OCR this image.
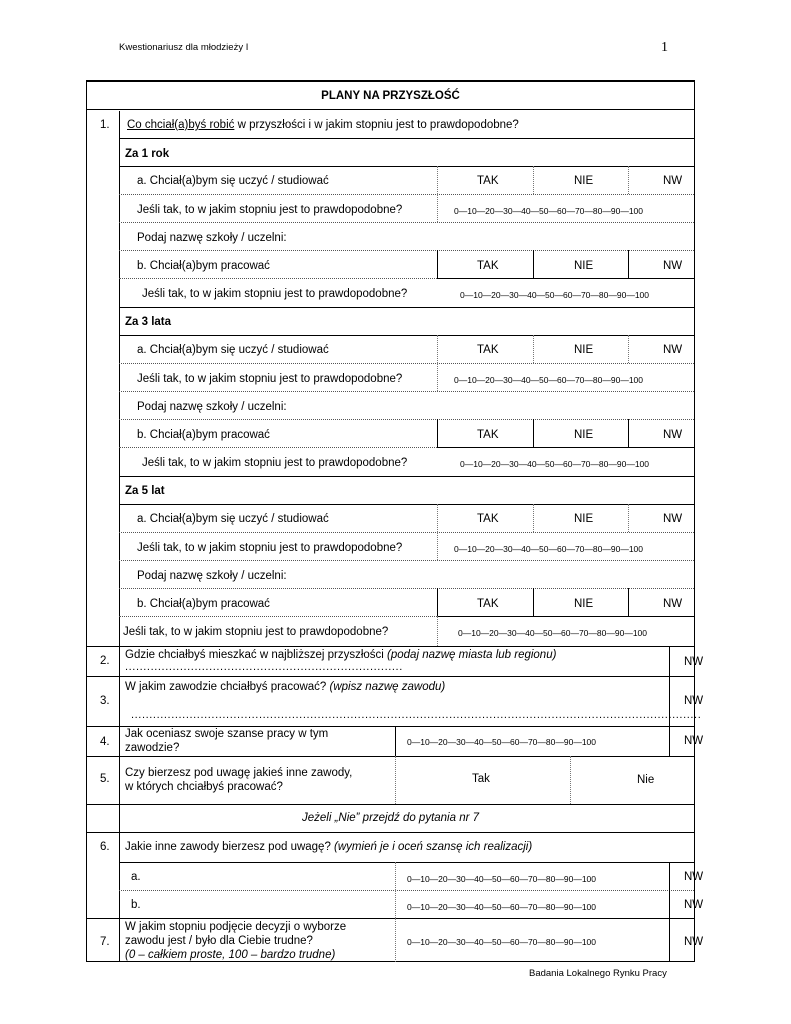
Kwestionariusz dla młodzieży I	1
PLANY NA PRZYSZŁOŚĆ
1. Co chciał(a)byś robić w przyszłości i w jakim stopniu jest to prawdopodobne?
Za 1 rok
a. Chciał(a)bym się uczyć / studiować	TAK	NIE	NW
Jeśli tak, to w jakim stopniu jest to prawdopodobne?	0—10—20—30—40—50—60—70—80—90—100
Podaj nazwę szkoły / uczelni:
b. Chciał(a)bym pracować	TAK	NIE	NW
Jeśli tak, to w jakim stopniu jest to prawdopodobne?	0—10—20—30—40—50—60—70—80—90—100
Za 3 lata
a. Chciał(a)bym się uczyć / studiować	TAK	NIE	NW
Jeśli tak, to w jakim stopniu jest to prawdopodobne?	0—10—20—30—40—50—60—70—80—90—100
Podaj nazwę szkoły / uczelni:
b. Chciał(a)bym pracować	TAK	NIE	NW
Jeśli tak, to w jakim stopniu jest to prawdopodobne?	0—10—20—30—40—50—60—70—80—90—100
Za 5 lat
a. Chciał(a)bym się uczyć / studiować	TAK	NIE	NW
Jeśli tak, to w jakim stopniu jest to prawdopodobne?	0—10—20—30—40—50—60—70—80—90—100
Podaj nazwę szkoły / uczelni:
b. Chciał(a)bym pracować	TAK	NIE	NW
Jeśli tak, to w jakim stopniu jest to prawdopodobne?	0—10—20—30—40—50—60—70—80—90—100
2. Gdzie chciałbyś mieszkać w najbliższej przyszłości (podaj nazwę miasta lub regionu)
............................................................................	NW
3.
W jakim zawodzie chciałbyś pracować? (wpisz nazwę zawodu)
............................................................................................................................................................
NW
4.
Jak oceniasz swoje szanse pracy w tym
zawodzie?	0—10—20—30—40—50—60—70—80—90—100	NW
5. Czy bierzesz pod uwagę jakieś inne zawody,
w których chciałbyś pracować?
Tak	Nie
Jeżeli „Nie” przejdź do pytania nr 7
6. Jakie inne zawody bierzesz pod uwagę? (wymień je i oceń szansę ich realizacji)
a.	0—10—20—30—40—50—60—70—80—90—100	NW
b.	0—10—20—30—40—50—60—70—80—90—100	NW
7.
W jakim stopniu podjęcie decyzji o wyborze
zawodu jest / było dla Ciebie trudne?
(0 – całkiem proste, 100 – bardzo trudne)
0—10—20—30—40—50—60—70—80—90—100	NW
Badania Lokalnego Rynku Pracy
